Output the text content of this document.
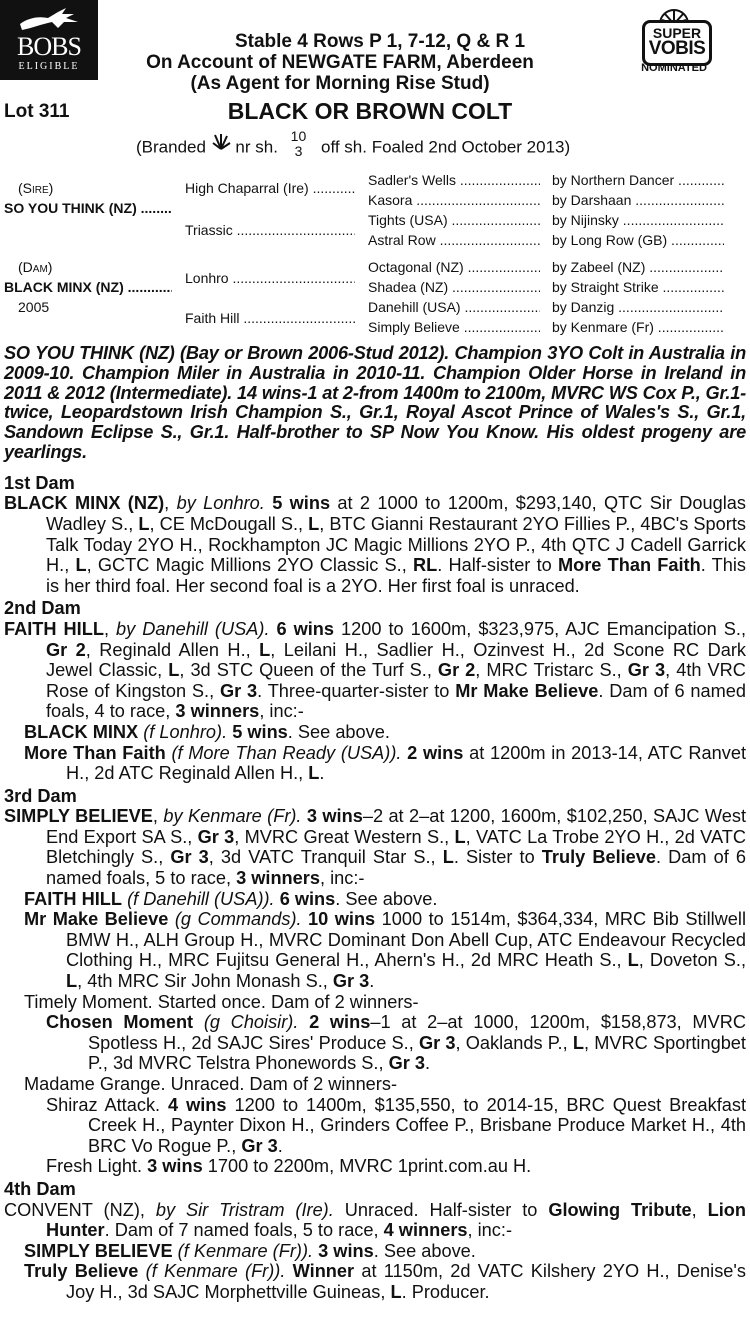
BOBS
ELIGIBLE
SUPER
VOBIS
NOMINATED
Stable 4 Rows P 1, 7-12, Q & R 1
On Account of NEWGATE FARM, Aberdeen
(As Agent for Morning Rise Stud)
Lot 311	BLACK OR BROWN COLT
(Branded nr sh. 10
3 off sh. Foaled 2nd October 2013)
(Sire)
SO YOU THINK (NZ) .....
(Dam)
BLACK MINX (NZ) .....
2005
High Chaparral (Ire) .....
Triassic .....
Lonhro .....
Faith Hill .....
Sadler's Wells .....
Kasora .....
Tights (USA) .....
Astral Row .....
Octagonal (NZ) .....
Shadea (NZ) .....
Danehill (USA) .....
Simply Believe .....
by Northern Dancer .....
by Darshaan .....
by Nijinsky .....
by Long Row (GB) .....
by Zabeel (NZ) .....
by Straight Strike .....
by Danzig .....
by Kenmare (Fr) .....
SO YOU THINK (NZ) (Bay or Brown 2006-Stud 2012). Champion 3YO Colt in Australia in 2009-10. Champion Miler in Australia in 2010-11. Champion Older Horse in Ireland in 2011 & 2012 (Intermediate). 14 wins-1 at 2-from 1400m to 2100m, MVRC WS Cox P., Gr.1-twice, Leopardstown Irish Champion S., Gr.1, Royal Ascot Prince of Wales's S., Gr.1, Sandown Eclipse S., Gr.1. Half-brother to SP Now You Know. His oldest progeny are yearlings.
1st Dam
BLACK MINX (NZ), by Lonhro. 5 wins at 2 1000 to 1200m, $293,140, QTC Sir Douglas Wadley S., L, CE McDougall S., L, BTC Gianni Restaurant 2YO Fillies P., 4BC's Sports Talk Today 2YO H., Rockhampton JC Magic Millions 2YO P., 4th QTC J Cadell Garrick H., L, GCTC Magic Millions 2YO Classic S., RL. Half-sister to More Than Faith. This is her third foal. Her second foal is a 2YO. Her first foal is unraced.
2nd Dam
FAITH HILL, by Danehill (USA). 6 wins 1200 to 1600m, $323,975, AJC Emancipation S., Gr 2, Reginald Allen H., L, Leilani H., Sadlier H., Ozinvest H., 2d Scone RC Dark Jewel Classic, L, 3d STC Queen of the Turf S., Gr 2, MRC Tristarc S., Gr 3, 4th VRC Rose of Kingston S., Gr 3. Three-quarter-sister to Mr Make Believe. Dam of 6 named foals, 4 to race, 3 winners, inc:-
BLACK MINX (f Lonhro). 5 wins. See above.
More Than Faith (f More Than Ready (USA)). 2 wins at 1200m in 2013-14, ATC Ranvet H., 2d ATC Reginald Allen H., L.
3rd Dam
SIMPLY BELIEVE, by Kenmare (Fr). 3 wins–2 at 2–at 1200, 1600m, $102,250, SAJC West End Export SA S., Gr 3, MVRC Great Western S., L, VATC La Trobe 2YO H., 2d VATC Bletchingly S., Gr 3, 3d VATC Tranquil Star S., L. Sister to Truly Believe. Dam of 6 named foals, 5 to race, 3 winners, inc:-
FAITH HILL (f Danehill (USA)). 6 wins. See above.
Mr Make Believe (g Commands). 10 wins 1000 to 1514m, $364,334, MRC Bib Stillwell BMW H., ALH Group H., MVRC Dominant Don Abell Cup, ATC Endeavour Recycled Clothing H., MRC Fujitsu General H., Ahern's H., 2d MRC Heath S., L, Doveton S., L, 4th MRC Sir John Monash S., Gr 3.
Timely Moment. Started once. Dam of 2 winners-
Chosen Moment (g Choisir). 2 wins–1 at 2–at 1000, 1200m, $158,873, MVRC Spotless H., 2d SAJC Sires' Produce S., Gr 3, Oaklands P., L, MVRC Sportingbet P., 3d MVRC Telstra Phonewords S., Gr 3.
Madame Grange. Unraced. Dam of 2 winners-
Shiraz Attack. 4 wins 1200 to 1400m, $135,550, to 2014-15, BRC Quest Breakfast Creek H., Paynter Dixon H., Grinders Coffee P., Brisbane Produce Market H., 4th BRC Vo Rogue P., Gr 3.
Fresh Light. 3 wins 1700 to 2200m, MVRC 1print.com.au H.
4th Dam
CONVENT (NZ), by Sir Tristram (Ire). Unraced. Half-sister to Glowing Tribute, Lion Hunter. Dam of 7 named foals, 5 to race, 4 winners, inc:-
SIMPLY BELIEVE (f Kenmare (Fr)). 3 wins. See above.
Truly Believe (f Kenmare (Fr)). Winner at 1150m, 2d VATC Kilshery 2YO H., Denise's Joy H., 3d SAJC Morphettville Guineas, L. Producer.
